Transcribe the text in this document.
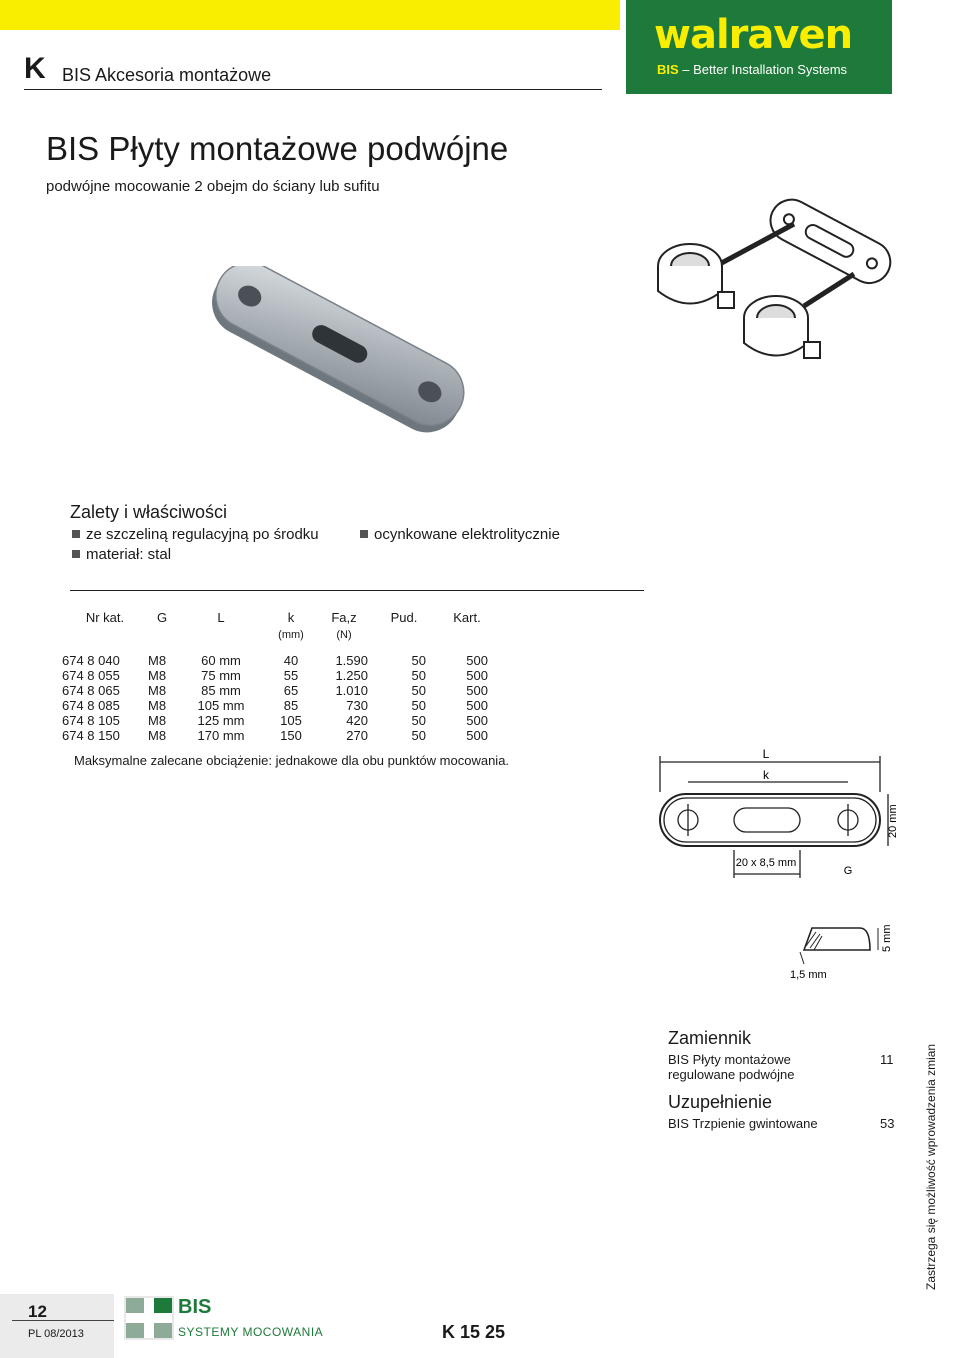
walraven
BIS – Better Installation Systems
K BIS Akcesoria montażowe
BIS Płyty montażowe podwójne
podwójne mocowanie 2 obejm do ściany lub sufitu
Zalety i właściwości
ze szczeliną regulacyjną po środku	ocynkowane elektrolitycznie
materiał: stal
Nr kat.	G	L	k	Fa,z	Pud.	Kart.
			(mm)	(N)		

674 8 040	M8	60 mm	40	1.590	50	500
674 8 055	M8	75 mm	55	1.250	50	500
674 8 065	M8	85 mm	65	1.010	50	500
674 8 085	M8	105 mm	85	730	50	500
674 8 105	M8	125 mm	105	420	50	500
674 8 150	M8	170 mm	150	270	50	500
Maksymalne zalecane obciążenie: jednakowe dla obu punktów mocowania.	L
k
20 x 8,5 mm
G
20 mm
1,5 mm
5 mm
Zamiennik
BIS Płyty montażowe regulowane podwójne
11
Uzupełnienie
BIS Trzpienie gwintowane	53 Zastrzega się możliwość wprowadzenia zmian
12
PL 08/2013
BIS
SYSTEMY MOCOWANIA	K 15 25
